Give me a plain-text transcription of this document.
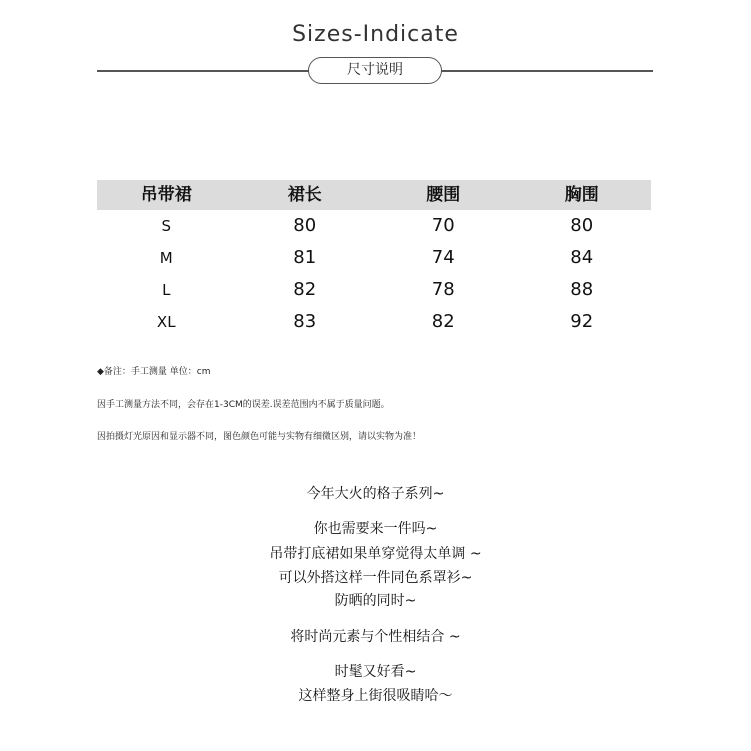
Sizes-Indicate
尺寸说明
吊带裙	裙长	腰围	胸围
S	80	70	80
M	81	74	84
L	82	78	88
XL	83	82	92
◆备注：手工测量 单位：cm
因手工测量方法不同，会存在1-3CM的误差.误差范围内不属于质量问题。
因拍摄灯光原因和显示器不同，图色颜色可能与实物有细微区别，请以实物为准！
今年大火的格子系列~
你也需要来一件吗~
吊带打底裙如果单穿觉得太单调 ~
可以外搭这样一件同色系罩衫~
防晒的同时~
将时尚元素与个性相结合 ~
时髦又好看~
这样整身上街很吸睛哈～
